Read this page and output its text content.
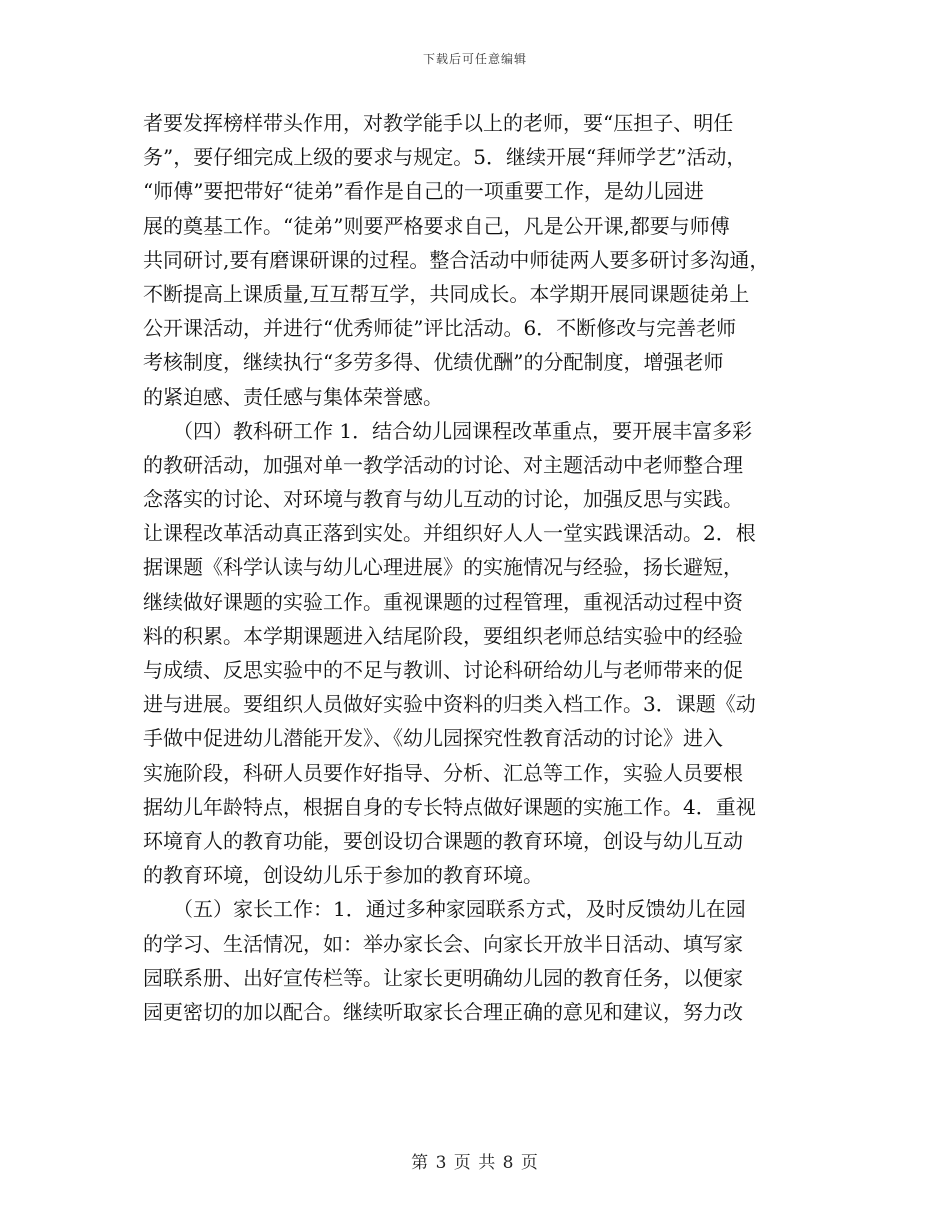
下载后可任意编辑
者要发挥榜样带头作用，对教学能手以上的老师，要“压担子、明任
务”，要仔细完成上级的要求与规定。5．继续开展“拜师学艺”活动，
“师傅”要把带好“徒弟”看作是自己的一项重要工作，是幼儿园进
展的奠基工作。“徒弟”则要严格要求自己，凡是公开课,都要与师傅
共同研讨,要有磨课研课的过程。整合活动中师徒两人要多研讨多沟通，
不断提高上课质量,互互帮互学，共同成长。本学期开展同课题徒弟上
公开课活动，并进行“优秀师徒”评比活动。6．不断修改与完善老师
考核制度，继续执行“多劳多得、优绩优酬”的分配制度，增强老师
的紧迫感、责任感与集体荣誉感。
　　（四）教科研工作 1．结合幼儿园课程改革重点，要开展丰富多彩
的教研活动，加强对单一教学活动的讨论、对主题活动中老师整合理
念落实的讨论、对环境与教育与幼儿互动的讨论，加强反思与实践。
让课程改革活动真正落到实处。并组织好人人一堂实践课活动。2．根
据课题《科学认读与幼儿心理进展》的实施情况与经验，扬长避短，
继续做好课题的实验工作。重视课题的过程管理，重视活动过程中资
料的积累。本学期课题进入结尾阶段，要组织老师总结实验中的经验
与成绩、反思实验中的不足与教训、讨论科研给幼儿与老师带来的促
进与进展。要组织人员做好实验中资料的归类入档工作。3．课题《动
手做中促进幼儿潜能开发》、《幼儿园探究性教育活动的讨论》进入
实施阶段，科研人员要作好指导、分析、汇总等工作，实验人员要根
据幼儿年龄特点，根据自身的专长特点做好课题的实施工作。4．重视
环境育人的教育功能，要创设切合课题的教育环境，创设与幼儿互动
的教育环境，创设幼儿乐于参加的教育环境。
　　（五）家长工作：1．通过多种家园联系方式，及时反馈幼儿在园
的学习、生活情况，如：举办家长会、向家长开放半日活动、填写家
园联系册、出好宣传栏等。让家长更明确幼儿园的教育任务，以便家
园更密切的加以配合。继续听取家长合理正确的意见和建议，努力改
第 3 页 共 8 页
